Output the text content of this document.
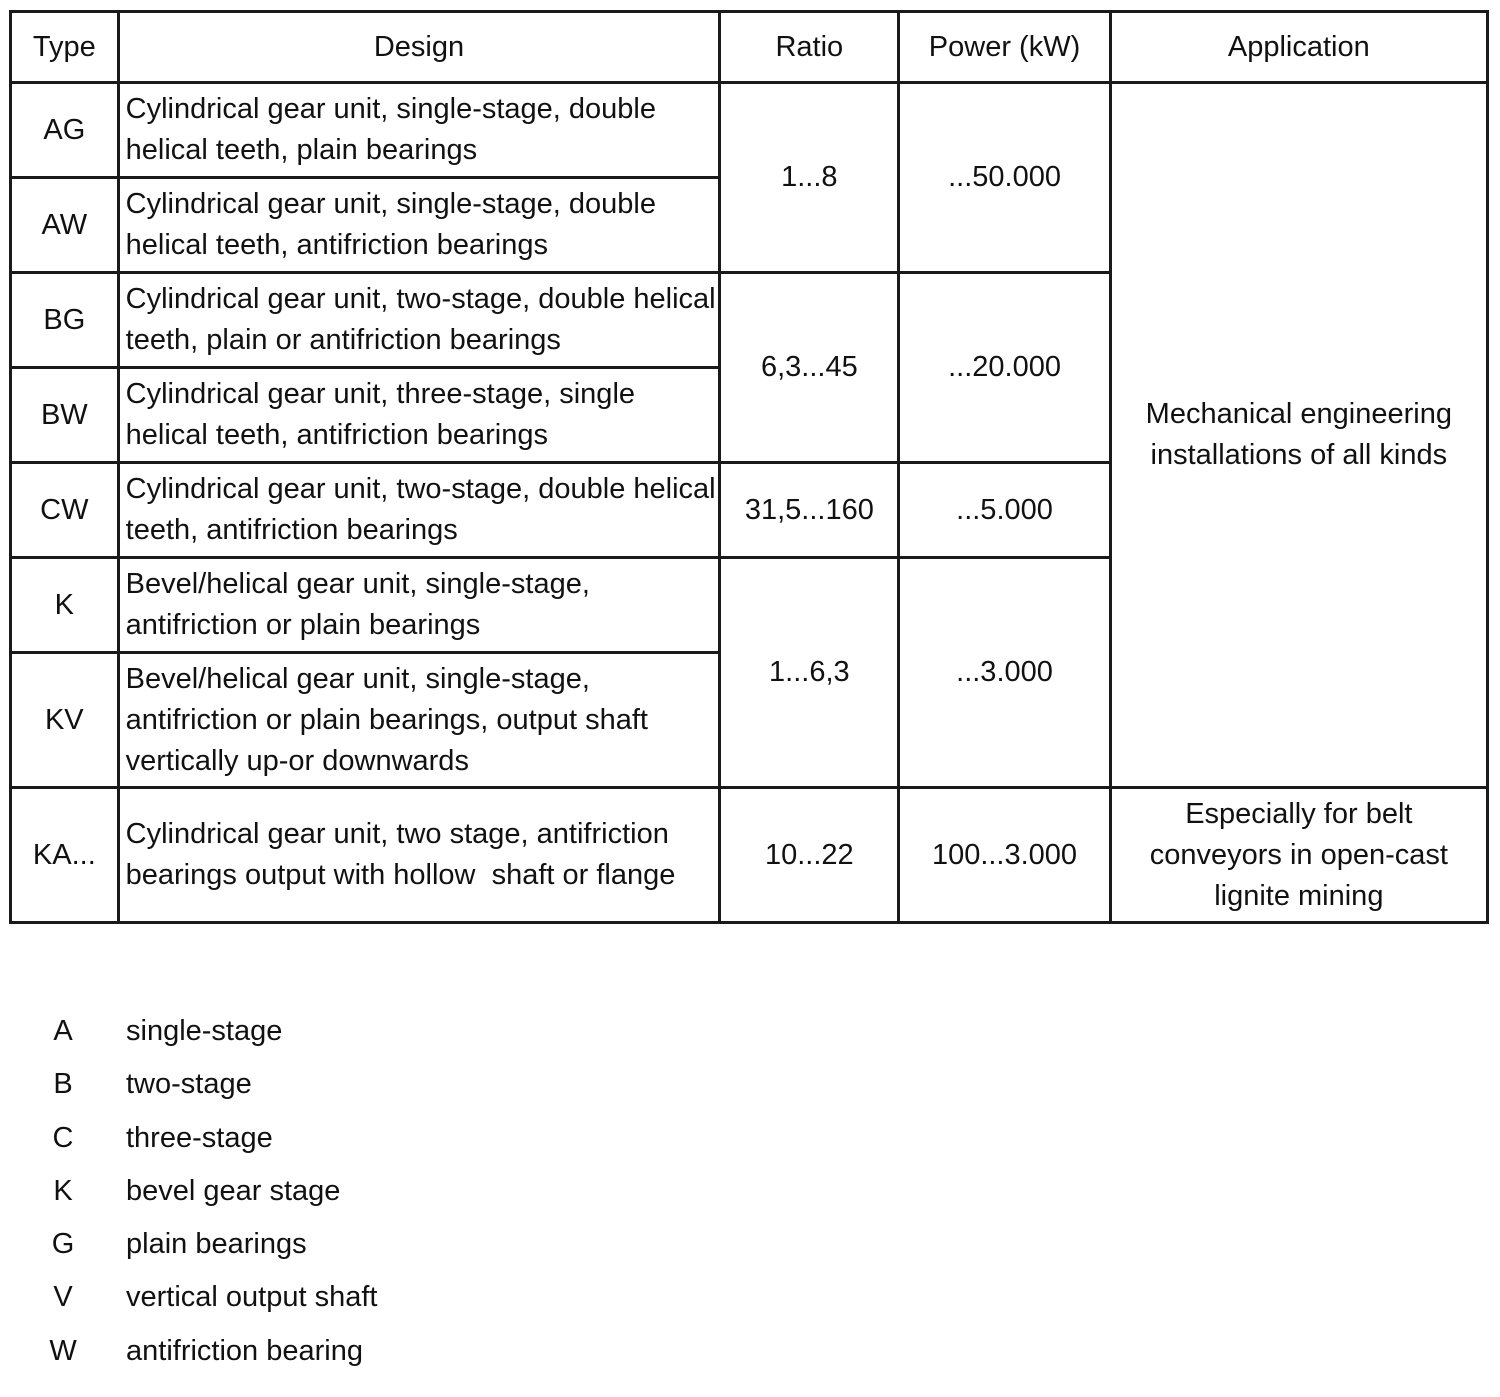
Type	Design	Ratio	Power (kW)	Application
AG	Cylindrical gear unit, single-stage, double helical teeth, plain bearings	1...8	...50.000	Mechanical engineering installations of all kinds
AW	Cylindrical gear unit, single-stage, double helical teeth, antifriction bearings			
BG	Cylindrical gear unit, two-stage, double helical teeth, plain or antifriction bearings	6,3...45	...20.000	
BW	Cylindrical gear unit, three-stage, single helical teeth, antifriction bearings			
CW	Cylindrical gear unit, two-stage, double helical teeth, antifriction bearings	31,5...160	...5.000	
K	Bevel/helical gear unit, single-stage, antifriction or plain bearings	1...6,3	...3.000	
KV	Bevel/helical gear unit, single-stage, antifriction or plain bearings, output shaft vertically up-or downwards			
KA...	Cylindrical gear unit, two stage, antifriction bearings output with hollow  shaft or flange	10...22	100...3.000	Especially for belt conveyors in open-cast lignite mining
A	single-stage
B	two-stage
C	three-stage
K	bevel gear stage
G	plain bearings
V	vertical output shaft
W	antifriction bearing
